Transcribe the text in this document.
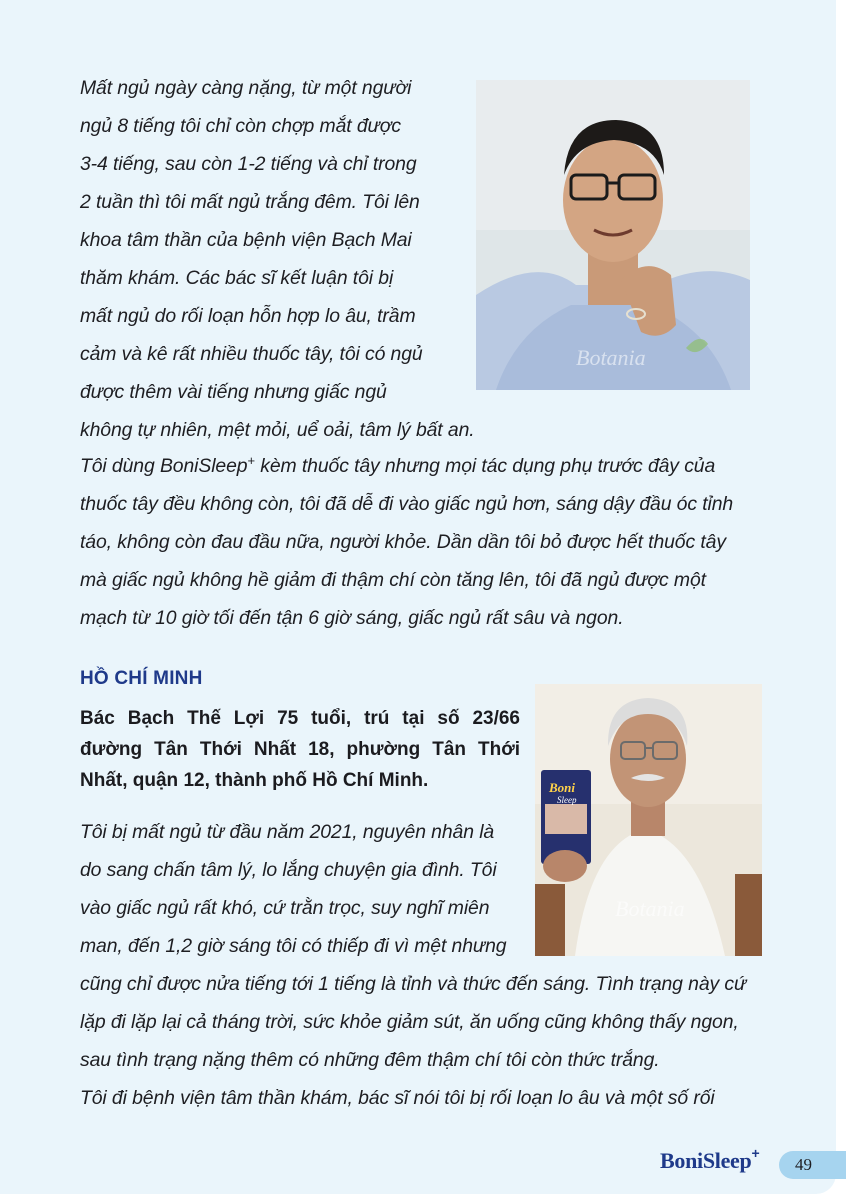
Mất ngủ ngày càng nặng, từ một người
ngủ 8 tiếng tôi chỉ còn chợp mắt được
3-4 tiếng, sau còn 1-2 tiếng và chỉ trong
2 tuần thì tôi mất ngủ trắng đêm. Tôi lên
khoa tâm thần của bệnh viện Bạch Mai
thăm khám. Các bác sĩ kết luận tôi bị
mất ngủ do rối loạn hỗn hợp lo âu, trầm
cảm và kê rất nhiều thuốc tây, tôi có ngủ
được thêm vài tiếng nhưng giấc ngủ
không tự nhiên, mệt mỏi, uể oải, tâm lý bất an.
Botania
Tôi dùng BoniSleep+ kèm thuốc tây nhưng mọi tác dụng phụ trước đây của
thuốc tây đều không còn, tôi đã dễ đi vào giấc ngủ hơn, sáng dậy đầu óc tỉnh
táo, không còn đau đầu nữa, người khỏe. Dần dần tôi bỏ được hết thuốc tây
mà giấc ngủ không hề giảm đi thậm chí còn tăng lên, tôi đã ngủ được một
mạch từ 10 giờ tối đến tận 6 giờ sáng, giấc ngủ rất sâu và ngon.
HỒ CHÍ MINH
Bác Bạch Thế Lợi 75 tuổi, trú tại số 23/66
đường Tân Thới Nhất 18, phường Tân Thới
Nhất, quận 12, thành phố Hồ Chí Minh.	Boni
Sleep
Botania
Tôi bị mất ngủ từ đầu năm 2021, nguyên nhân là
do sang chấn tâm lý, lo lắng chuyện gia đình. Tôi
vào giấc ngủ rất khó, cứ trằn trọc, suy nghĩ miên
man, đến 1,2 giờ sáng tôi có thiếp đi vì mệt nhưng
cũng chỉ được nửa tiếng tới 1 tiếng là tỉnh và thức đến sáng. Tình trạng này cứ
lặp đi lặp lại cả tháng trời, sức khỏe giảm sút, ăn uống cũng không thấy ngon,
sau tình trạng nặng thêm có những đêm thậm chí tôi còn thức trắng.
Tôi đi bệnh viện tâm thần khám, bác sĩ nói tôi bị rối loạn lo âu và một số rối
BoniSleep+
49
